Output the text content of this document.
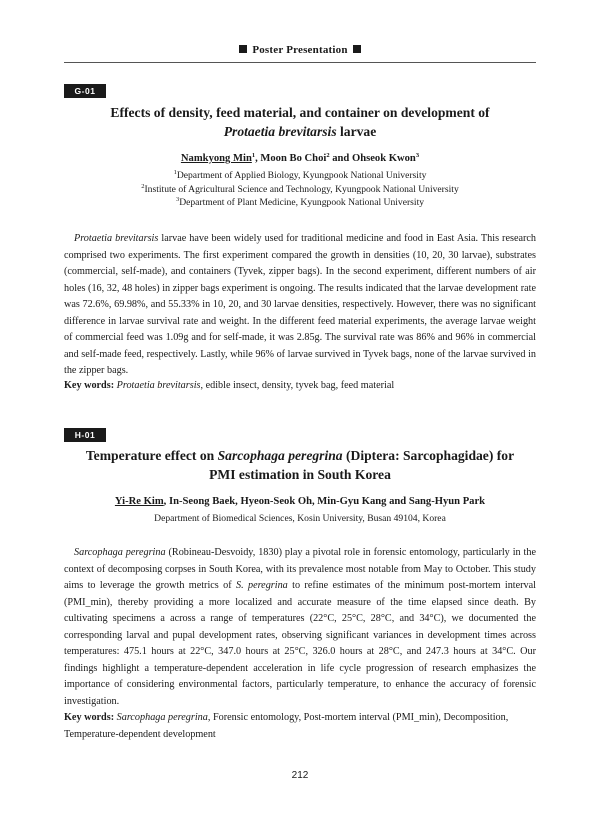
Poster Presentation
G-01
Effects of density, feed material, and container on development of
Protaetia brevitarsis larvae
Namkyong Min$^1$, Moon Bo Choi$^2$ and Ohseok Kwon$^3$
$^1$Department of Applied Biology, Kyungpook National University
$^2$Institute of Agricultural Science and Technology, Kyungpook National University
$^3$Department of Plant Medicine, Kyungpook National University

Protaetia brevitarsis larvae have been widely used for traditional medicine and food in East Asia. This research comprised two experiments. The first experiment compared the growth in densities (10, 20, 30 larvae), substrates (commercial, self-made), and containers (Tyvek, zipper bags). In the second experiment, different numbers of air holes (16, 32, 48 holes) in zipper bags experiment is ongoing. The results indicated that the larvae development rate was 72.6%, 69.98%, and 55.33% in 10, 20, and 30 larvae densities, respectively. However, there was no significant difference in larvae survival rate and weight. In the different feed material experiments, the average larvae weight of commercial feed was 1.09g and for self-made, it was 2.85g. The survival rate was 86% and 96% in commercial and self-made feed, respectively. Lastly, while 96% of larvae survived in Tyvek bags, none of the larvae survived in the zipper bags.

Key words: Protaetia brevitarsis, edible insect, density, tyvek bag, feed material

H-01
Temperature effect on Sarcophaga peregrina (Diptera: Sarcophagidae) for
PMI estimation in South Korea
Yi-Re Kim, In-Seong Baek, Hyeon-Seok Oh, Min-Gyu Kang and Sang-Hyun Park
Department of Biomedical Sciences, Kosin University, Busan 49104, Korea

Sarcophaga peregrina (Robineau-Desvoidy, 1830) play a pivotal role in forensic entomology, particularly in the context of decomposing corpses in South Korea, with its prevalence most notable from May to October. This study aims to leverage the growth metrics of S. peregrina to refine estimates of the minimum post-mortem interval (PMI_min), thereby providing a more localized and accurate measure of the time elapsed since death. By cultivating specimens a across a range of temperatures (22°C, 25°C, 28°C, and 34°C), we documented the corresponding larval and pupal development rates, observing significant variances in development times across temperatures: 475.1 hours at 22°C, 347.0 hours at 25°C, 326.0 hours at 28°C, and 247.3 hours at 34°C. Our findings highlight a temperature-dependent acceleration in life cycle progression of research emphasizes the importance of considering environmental factors, particularly temperature, to enhance the accuracy of forensic investigation.

Key words: Sarcophaga peregrina, Forensic entomology, Post-mortem interval (PMI_min), Decomposition, Temperature-dependent development

212
